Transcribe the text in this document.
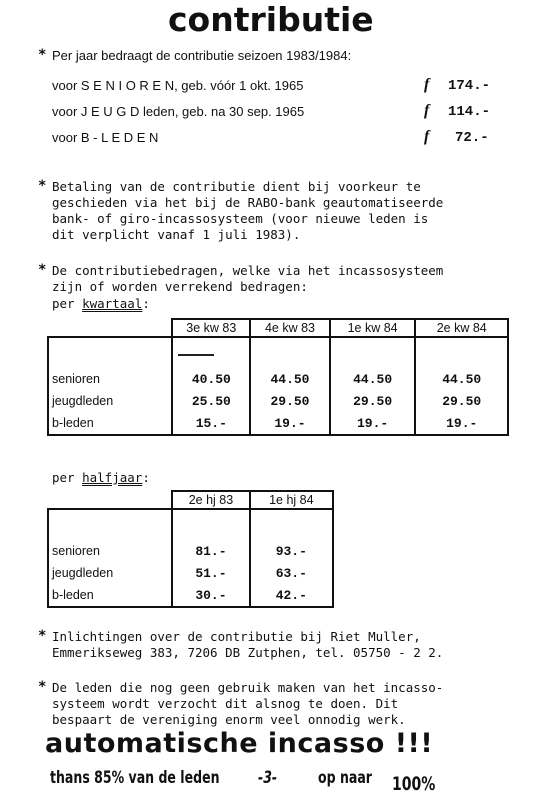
contributie
* Per jaar bedraagt de contributie seizoen 1983/1984:
voor S E N I O R E N, geb. vóór 1 okt. 1965	f 174.-
voor J E U G D leden, geb. na 30 sep. 1965	f 114.-
voor B - L E D E N	f 72.-
* Betaling van de contributie dient bij voorkeur te
geschieden via het bij de RABO-bank geautomatiseerde
bank- of giro-incassosysteem (voor nieuwe leden is
dit verplicht vanaf 1 juli 1983).
* De contributiebedragen, welke via het incassosysteem
zijn of worden verrekend bedragen:
per kwartaal:
	3e kw 83	4e kw 83	1e kw 84	2e kw 84

senioren	40.50	44.50	44.50	44.50
jeugdleden	25.50	29.50	29.50	29.50
b-leden	15.-	19.-	19.-	19.-
per halfjaar:
	2e hj 83	1e hj 84

senioren	81.-	93.-
jeugdleden	51.-	63.-
b-leden	30.-	42.-
* Inlichtingen over de contributie bij Riet Muller,
Emmerikseweg 383, 7206 DB Zutphen, tel. 05750 - 2 2.
* De leden die nog geen gebruik maken van het incasso-
systeem wordt verzocht dit alsnog te doen. Dit
bespaart de vereniging enorm veel onnodig werk.
automatische incasso !!!
thans 85% van de leden -3- op naar 100%
